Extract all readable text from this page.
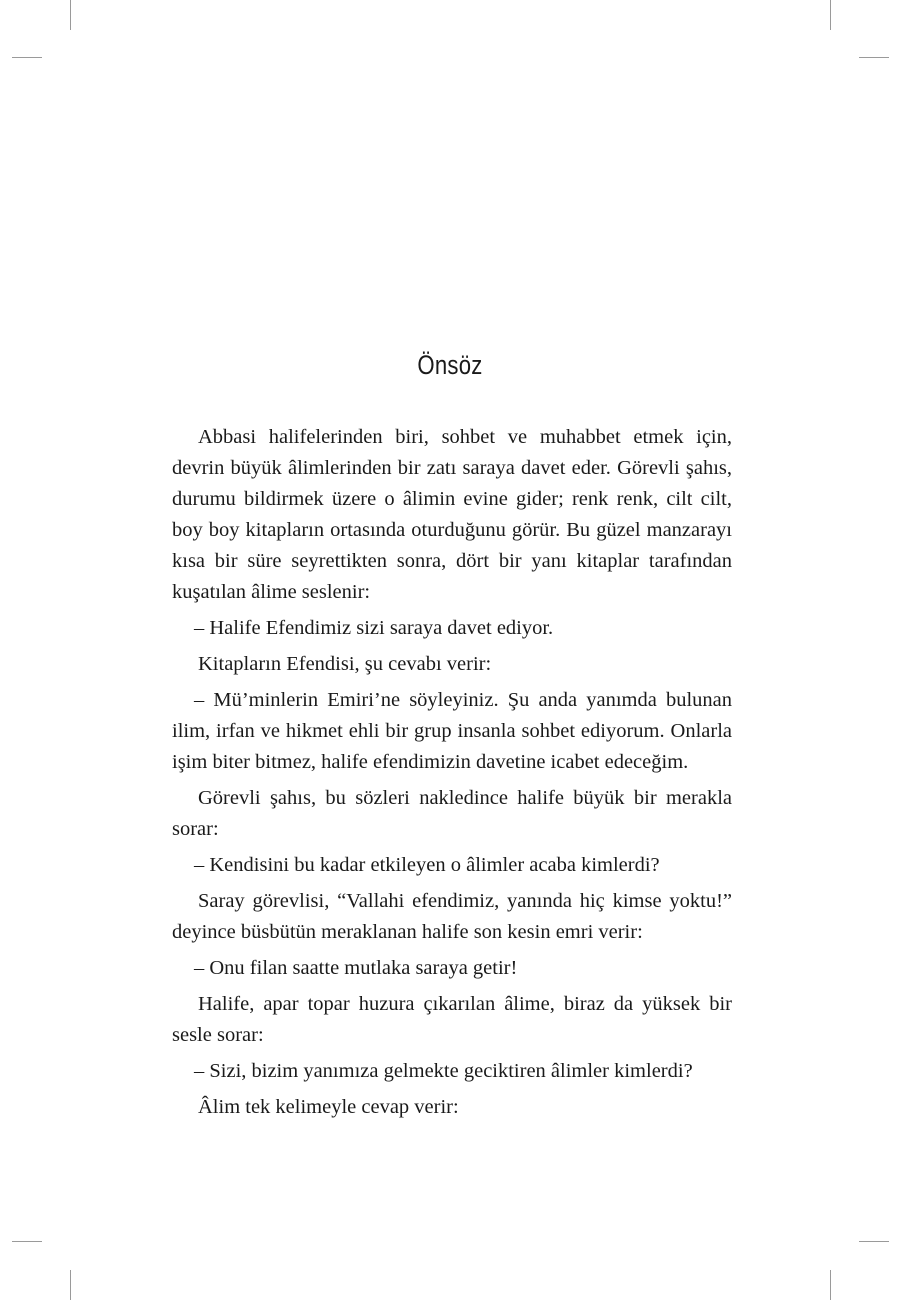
Önsöz

Abbasi halifelerinden biri, sohbet ve muhabbet etmek için, devrin büyük âlimlerinden bir zatı saraya davet eder. Görevli şahıs, durumu bildirmek üzere o âlimin evine gider; renk renk, cilt cilt, boy boy kitapların ortasında oturduğunu görür. Bu güzel manzarayı kısa bir süre seyrettikten sonra, dört bir yanı kitaplar tarafından kuşatılan âlime seslenir:

– Halife Efendimiz sizi saraya davet ediyor.

Kitapların Efendisi, şu cevabı verir:

– Mü’minlerin Emiri’ne söyleyiniz. Şu anda yanımda bulunan ilim, irfan ve hikmet ehli bir grup insanla sohbet ediyorum. Onlarla işim biter bitmez, halife efendimizin davetine icabet edeceğim.

Görevli şahıs, bu sözleri nakledince halife büyük bir merakla sorar:

– Kendisini bu kadar etkileyen o âlimler acaba kimlerdi?

Saray görevlisi, “Vallahi efendimiz, yanında hiç kimse yoktu!” deyince büsbütün meraklanan halife son kesin emri verir:

– Onu filan saatte mutlaka saraya getir!

Halife, apar topar huzura çıkarılan âlime, biraz da yüksek bir sesle sorar:

– Sizi, bizim yanımıza gelmekte geciktiren âlimler kimlerdi?

Âlim tek kelimeyle cevap verir:
